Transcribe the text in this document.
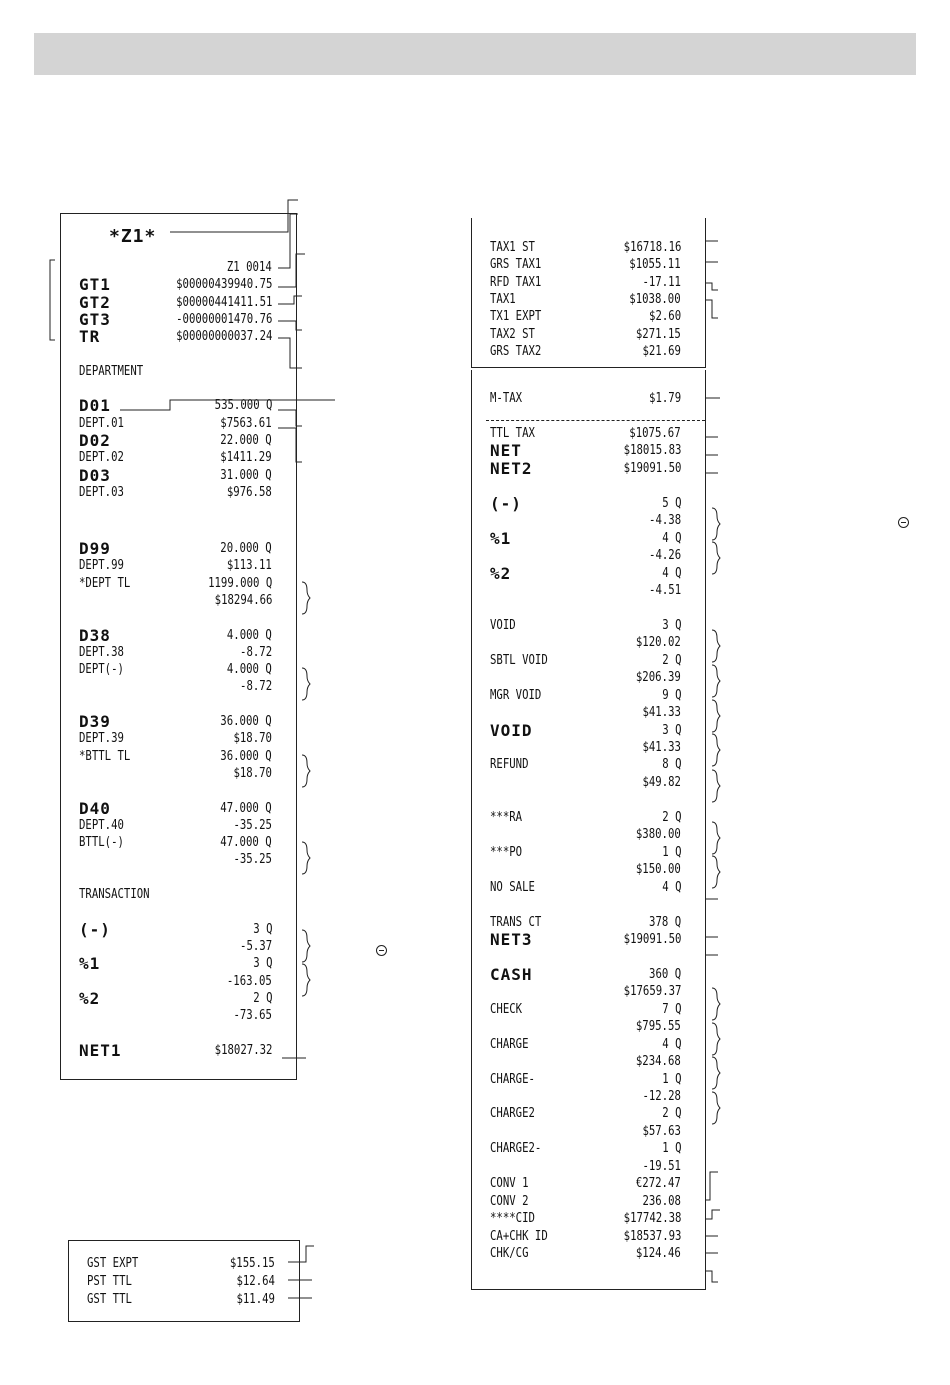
*Z1*
Z1 0014
GT1	$00000439940.75
GT2	$00000441411.51
GT3	-00000001470.76
TR	$00000000037.24
DEPARTMENT
D01	535.000 Q
DEPT.01	$7563.61
D02	22.000 Q
DEPT.02	$1411.29
D03	31.000 Q
DEPT.03	$976.58
D99	20.000 Q
DEPT.99	$113.11
*DEPT TL	1199.000 Q
$18294.66
D38	4.000 Q
DEPT.38	-8.72
DEPT(-)	4.000 Q
-8.72
D39	36.000 Q
DEPT.39	$18.70
*BTTL TL	36.000 Q
$18.70
D40	47.000 Q
DEPT.40	-35.25
BTTL(-)	47.000 Q
-35.25
TRANSACTION
(-)	3 Q
-5.37
%1	3 Q
-163.05
%2	2 Q
-73.65
NET1	$18027.32
GST EXPT	$155.15
PST TTL	$12.64
GST TTL	$11.49
TAX1 ST	$16718.16
GRS TAX1	$1055.11
RFD TAX1	-17.11
TAX1	$1038.00
TX1 EXPT	$2.60
TAX2 ST	$271.15
GRS TAX2	$21.69
M-TAX	$1.79
TTL TAX	$1075.67
NET	$18015.83
NET2	$19091.50
(-)	5 Q
-4.38
%1	4 Q
-4.26
%2	4 Q
-4.51
VOID	3 Q
$120.02
SBTL VOID	2 Q
$206.39
MGR VOID	9 Q
$41.33
VOID	3 Q
$41.33
REFUND	8 Q
$49.82
***RA	2 Q
$380.00
***PO	1 Q
$150.00
NO SALE	4 Q
TRANS CT	378 Q
NET3	$19091.50
CASH	360 Q
$17659.37
CHECK	7 Q
$795.55
CHARGE	4 Q
$234.68
CHARGE-	1 Q
-12.28
CHARGE2	2 Q
$57.63
CHARGE2-	1 Q
-19.51
CONV 1	€272.47
CONV 2	236.08
****CID	$17742.38
CA+CHK ID	$18537.93
CHK/CG	$124.46
